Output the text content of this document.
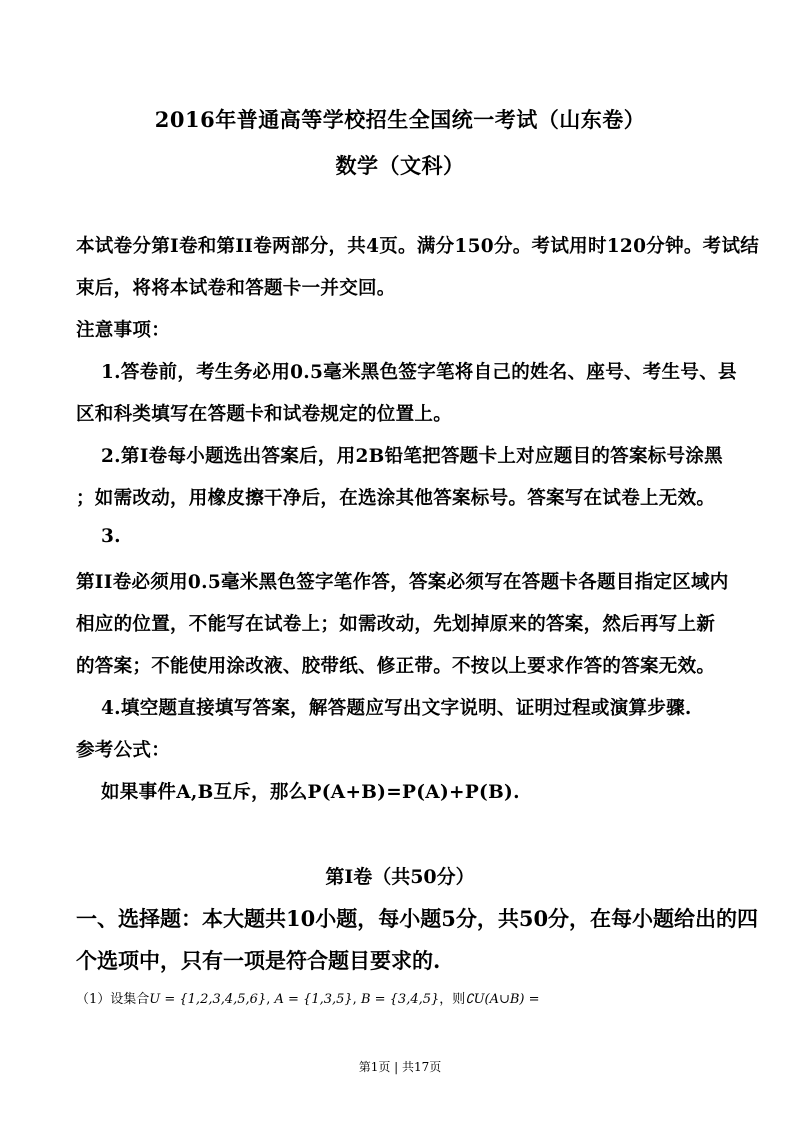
2016年普通高等学校招生全国统一考试（山东卷）
数学（文科）
本试卷分第I卷和第II卷两部分，共4页。满分150分。考试用时120分钟。考试结
束后，将将本试卷和答题卡一并交回。
注意事项：
1.答卷前，考生务必用0.5毫米黑色签字笔将自己的姓名、座号、考生号、县
区和科类填写在答题卡和试卷规定的位置上。
2.第I卷每小题选出答案后，用2B铅笔把答题卡上对应题目的答案标号涂黑
；如需改动，用橡皮擦干净后，在选涂其他答案标号。答案写在试卷上无效。
3.
第II卷必须用0.5毫米黑色签字笔作答，答案必须写在答题卡各题目指定区域内
相应的位置，不能写在试卷上；如需改动，先划掉原来的答案，然后再写上新
的答案；不能使用涂改液、胶带纸、修正带。不按以上要求作答的答案无效。
4.填空题直接填写答案，解答题应写出文字说明、证明过程或演算步骤.
参考公式：
如果事件A,B互斥，那么P(A+B)=P(A)+P(B).
第I卷（共50分）
一、选择题：本大题共10小题，每小题5分，共50分，在每小题给出的四
个选项中，只有一项是符合题目要求的.
（1）设集合U = {1,2,3,4,5,6}, A = {1,3,5}, B = {3,4,5}，则∁U(A∪B) =
第1页 | 共17页
